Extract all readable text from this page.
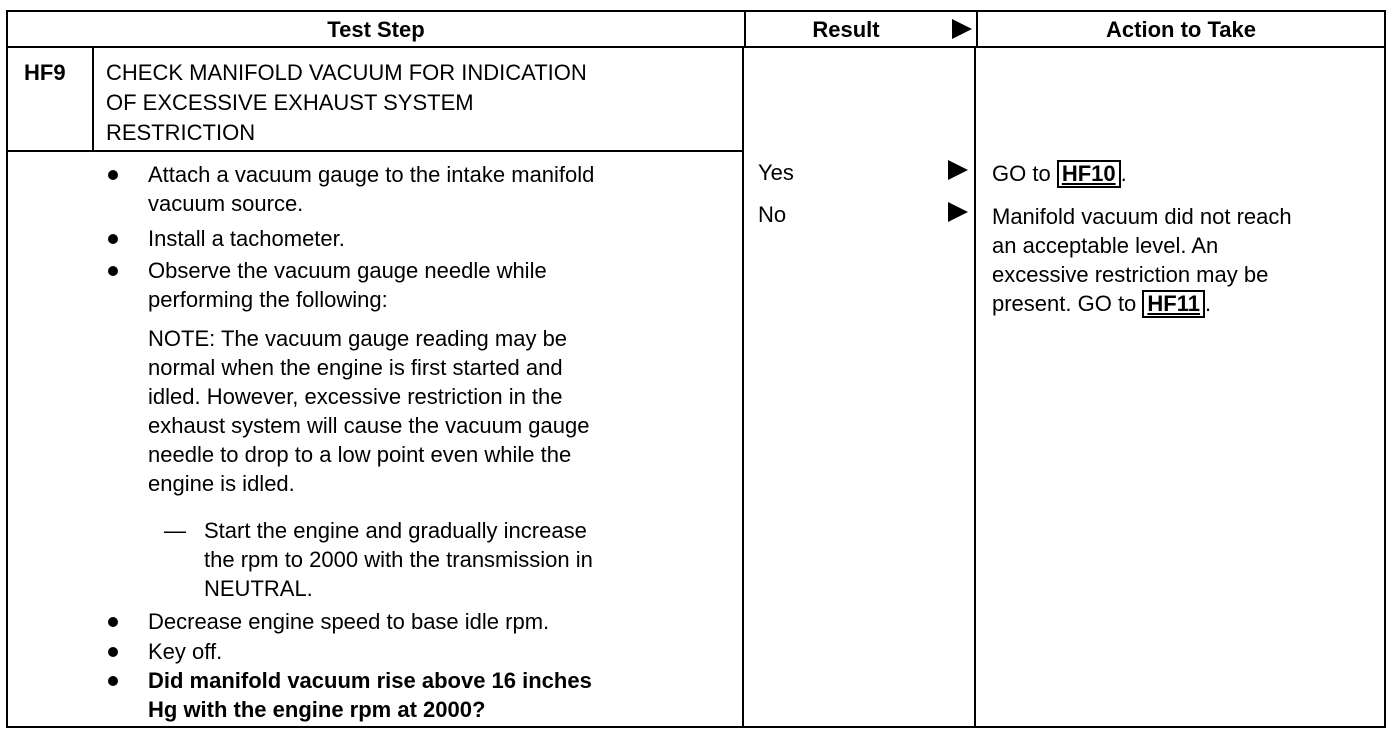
Test Step	Result	Action to Take
HF9 CHECK MANIFOLD VACUUM FOR INDICATION
OF EXCESSIVE EXHAUST SYSTEM
RESTRICTION
Attach a vacuum gauge to the intake manifold
vacuum source.
Install a tachometer.
Observe the vacuum gauge needle while
performing the following:
NOTE: The vacuum gauge reading may be
normal when the engine is first started and
idled. However, excessive restriction in the
exhaust system will cause the vacuum gauge
needle to drop to a low point even while the
engine is idled.
— Start the engine and gradually increase
the rpm to 2000 with the transmission in
NEUTRAL.
Decrease engine speed to base idle rpm.
Key off.
Did manifold vacuum rise above 16 inches
Hg with the engine rpm at 2000?
Yes
No
GO to HF10 .
Manifold vacuum did not reach
an acceptable level. An
excessive restriction may be
present. GO to HF11 .
